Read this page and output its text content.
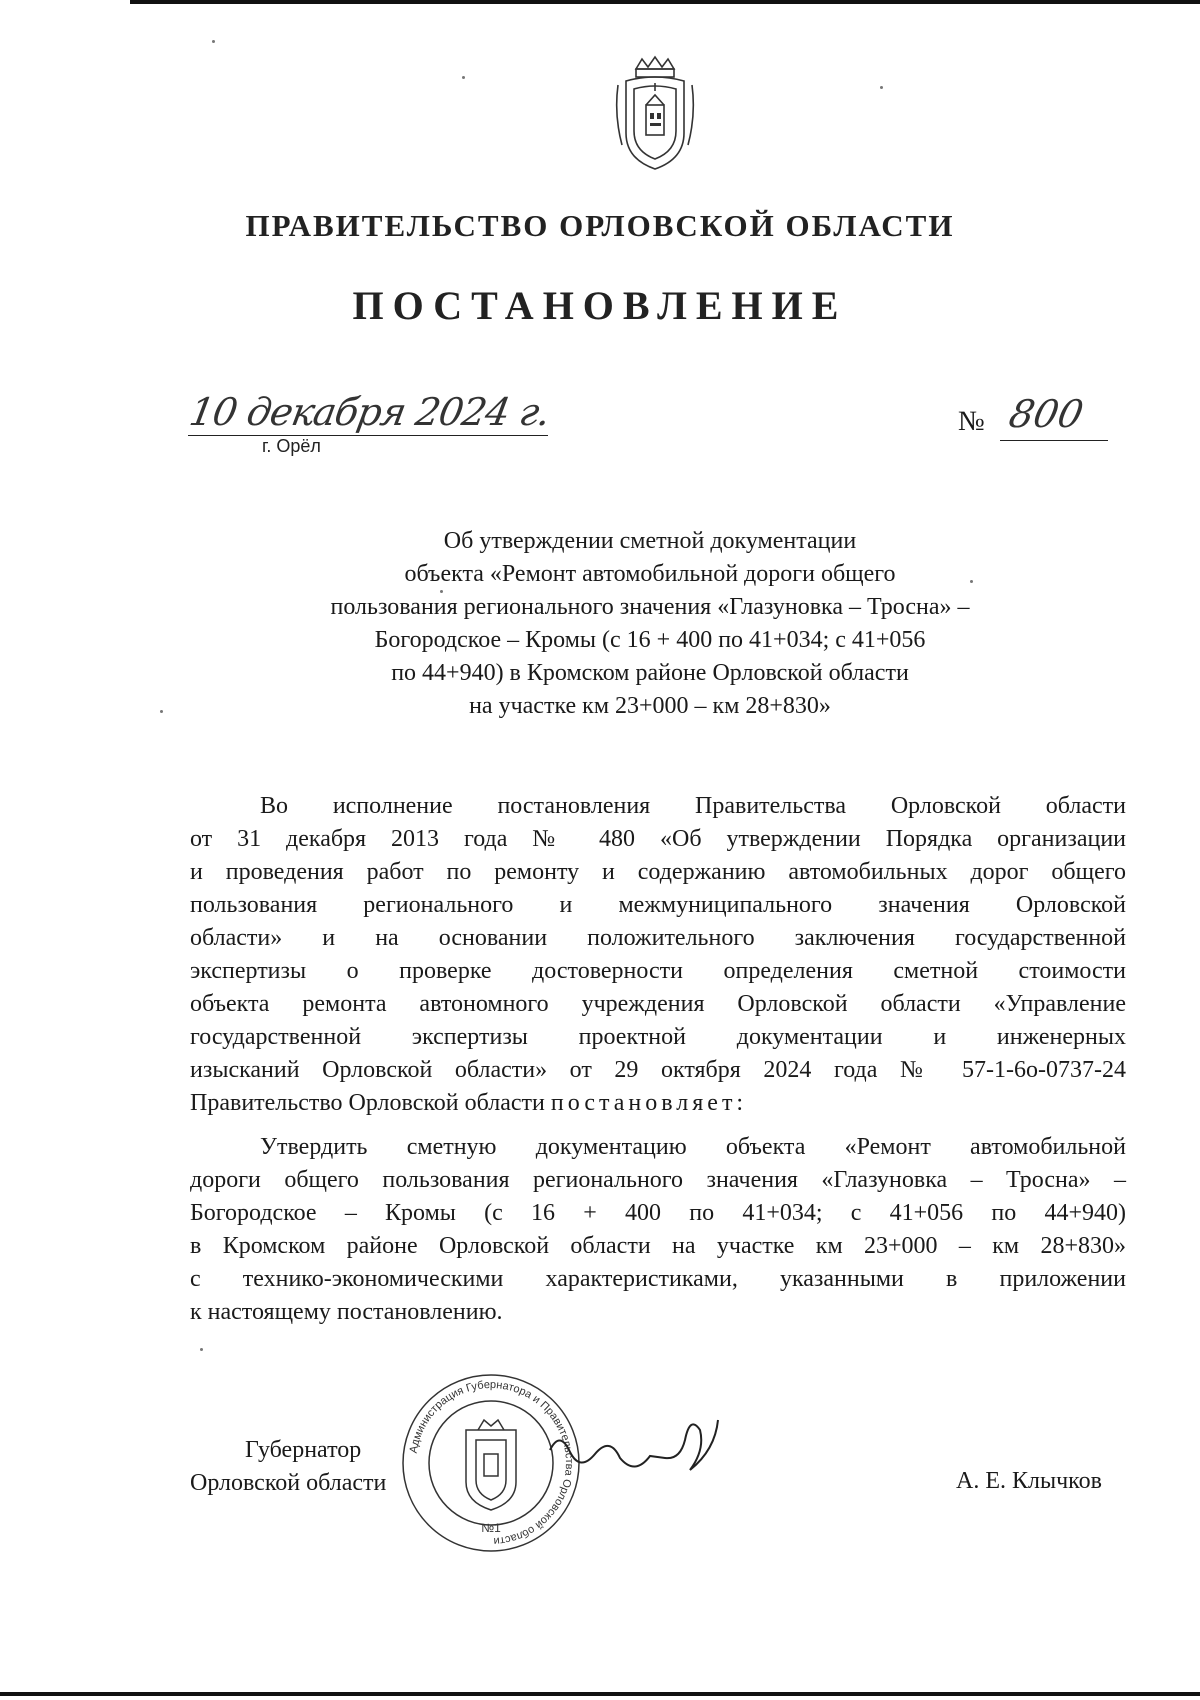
ПРАВИТЕЛЬСТВО ОРЛОВСКОЙ ОБЛАСТИ
ПОСТАНОВЛЕНИЕ
10 декабря 2024 г.
г. Орёл
№ 800
Об утверждении сметной документации
объекта «Ремонт автомобильной дороги общего
пользования регионального значения «Глазуновка – Тросна» –
Богородское – Кромы (с 16 + 400 по 41+034; с 41+056
по 44+940) в Кромском районе Орловской области
на участке км 23+000 – км 28+830»
Во исполнение постановления Правительства Орловской области
от 31 декабря 2013 года № 480 «Об утверждении Порядка организации
и проведения работ по ремонту и содержанию автомобильных дорог общего
пользования регионального и межмуниципального значения Орловской
области» и на основании положительного заключения государственной
экспертизы о проверке достоверности определения сметной стоимости
объекта ремонта автономного учреждения Орловской области «Управление
государственной экспертизы проектной документации и инженерных
изысканий Орловской области» от 29 октября 2024 года № 57-1-6о-0737-24
Правительство Орловской области постановляет:
Утвердить сметную документацию объекта «Ремонт автомобильной
дороги общего пользования регионального значения «Глазуновка – Тросна» –
Богородское – Кромы (с 16 + 400 по 41+034; с 41+056 по 44+940)
в Кромском районе Орловской области на участке км 23+000 – км 28+830»
с технико-экономическими характеристиками, указанными в приложении
к настоящему постановлению.
Администрация Губернатора и Правительства Орловской области
№1
Губернатор
Орловской области	А. Е. Клычков
